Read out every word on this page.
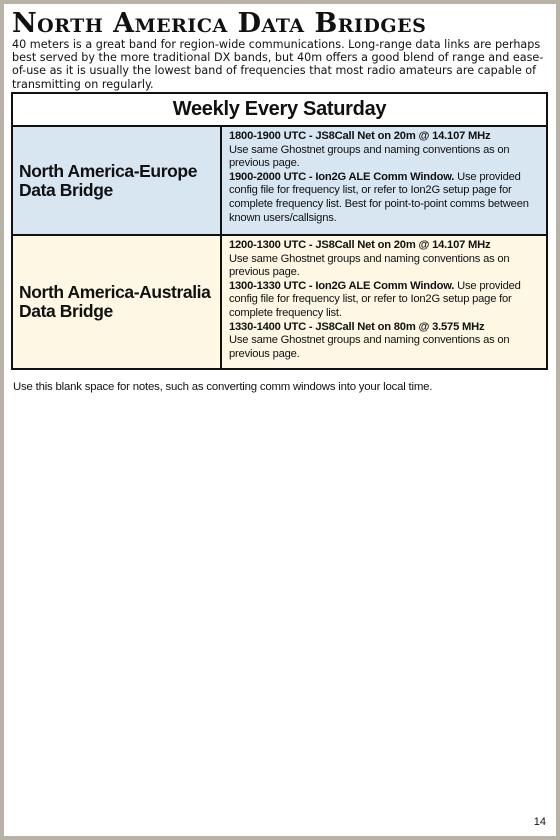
North America Data Bridges

40 meters is a great band for region-wide communications. Long-range data links are perhaps best served by the more traditional DX bands, but 40m offers a good blend of range and ease-of-use as it is usually the lowest band of frequencies that most radio amateurs are capable of transmitting on regularly.

Weekly Every Saturday
North America-Europe Data Bridge
1800-1900 UTC - JS8Call Net on 20m @ 14.107 MHz
Use same Ghostnet groups and naming conventions as on previous page.
1900-2000 UTC - Ion2G ALE Comm Window. Use provided config file for frequency list, or refer to Ion2G setup page for complete frequency list. Best for point-to-point comms between known users/callsigns.
North America-Australia Data Bridge
1200-1300 UTC - JS8Call Net on 20m @ 14.107 MHz
Use same Ghostnet groups and naming conventions as on previous page.
1300-1330 UTC - Ion2G ALE Comm Window. Use provided config file for frequency list, or refer to Ion2G setup page for complete frequency list.
1330-1400 UTC - JS8Call Net on 80m @ 3.575 MHz
Use same Ghostnet groups and naming conventions as on previous page.

Use this blank space for notes, such as converting comm windows into your local time.

14
